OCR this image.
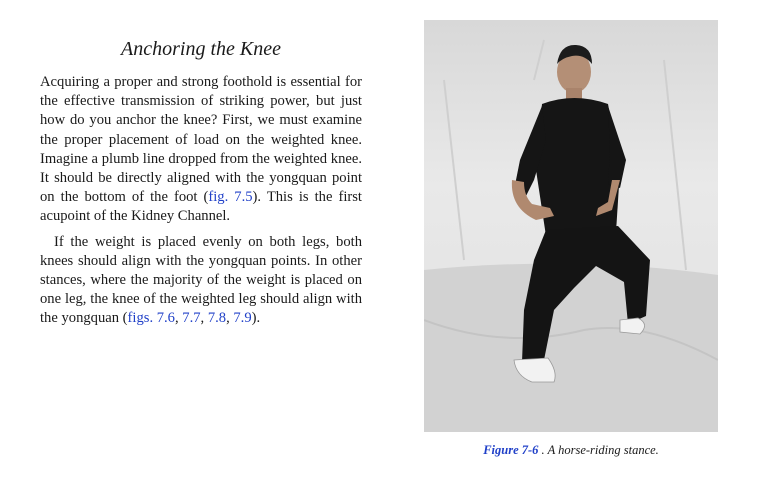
Anchoring the Knee

Acquiring a proper and strong foothold is essential for the effective transmission of striking power, but just how do you anchor the knee? First, we must examine the proper placement of load on the weighted knee. Imagine a plumb line dropped from the weighted knee. It should be directly aligned with the yongquan point on the bottom of the foot (fig. 7.5). This is the first acupoint of the Kidney Channel.

If the weight is placed evenly on both legs, both knees should align with the yongquan points. In other stances, where the majority of the weight is placed on one leg, the knee of the weighted leg should align with the yongquan (figs. 7.6, 7.7, 7.8, 7.9).

Figure 7-6 . A horse-riding stance.
